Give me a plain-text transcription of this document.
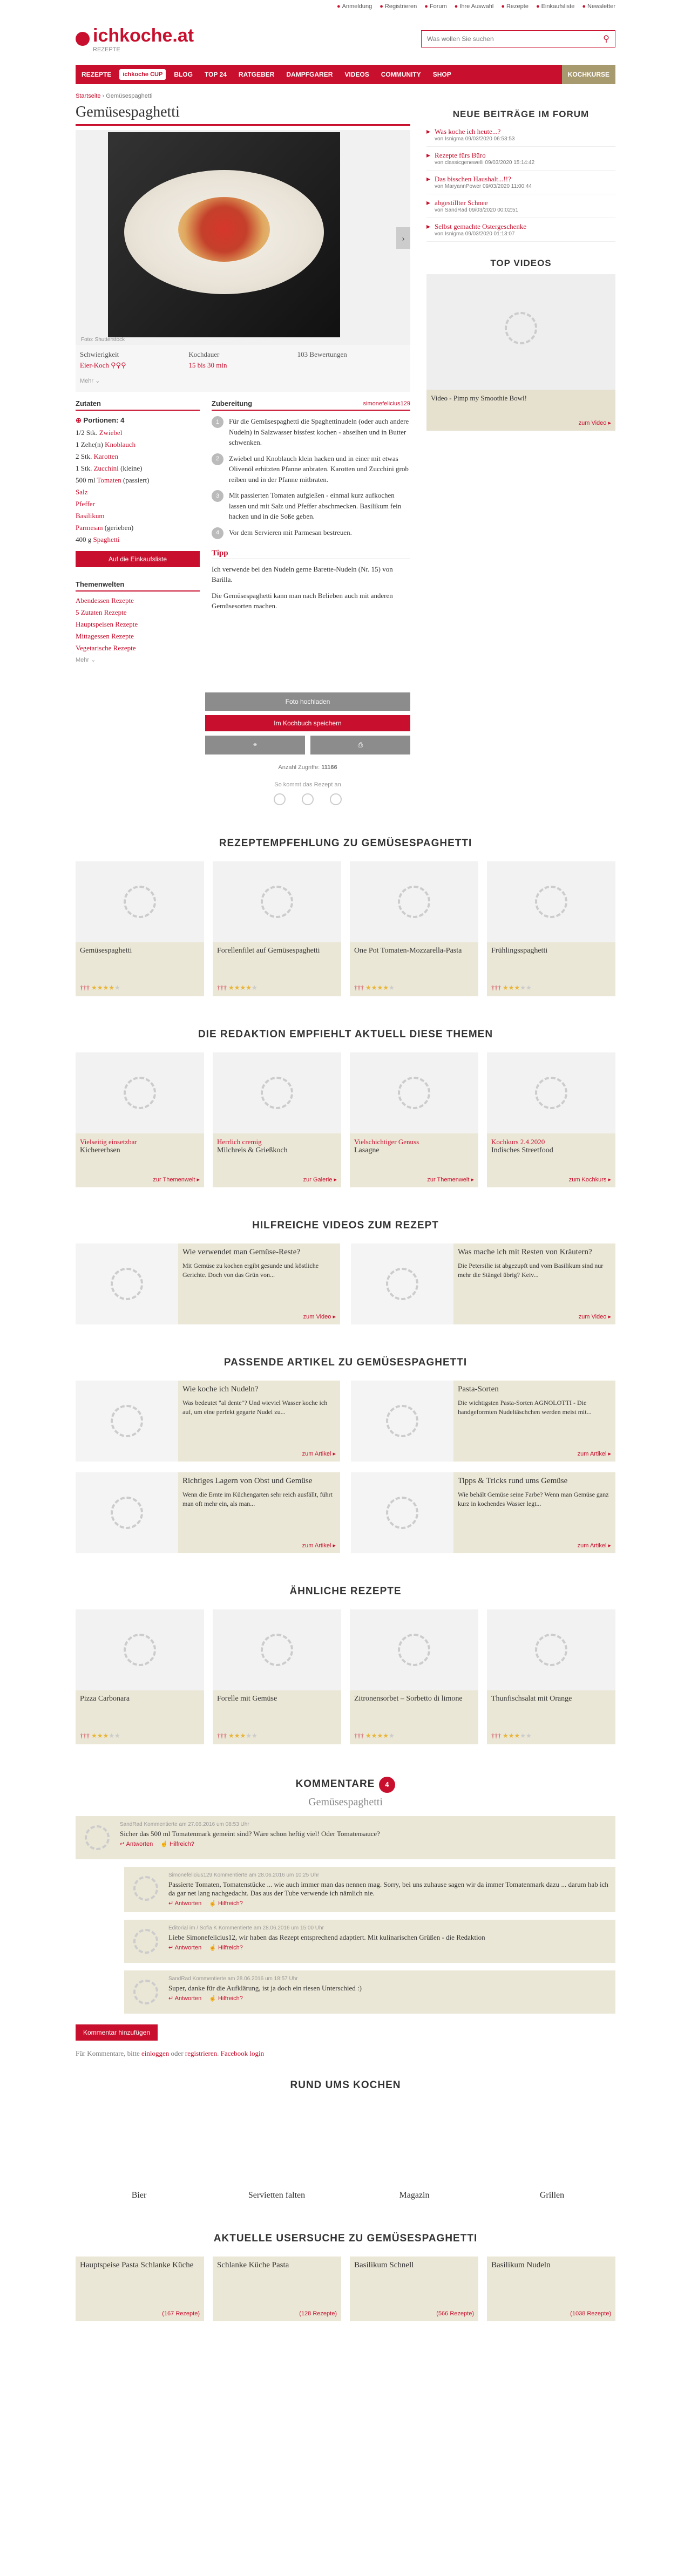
● Anmeldung ● Registrieren ● Forum ● Ihre Auswahl ● Rezepte ● Einkaufsliste ● Newsletter
ichkoche.at
REZEPTE
Was wollen Sie suchen
⚲
REZEPTE	ichkoche CUP	BLOG	TOP 24	RATGEBER	DAMPFGARER	VIDEOS	COMMUNITY	SHOP	KOCHKURSE
Startseite › Gemüsespaghetti
Gemüsespaghetti
›
Foto: Shutterstock
Schwierigkeit
Eier-Koch ⚲⚲⚲
Kochdauer
15 bis 30 min
103 Bewertungen
Mehr ⌄
Zutaten
⊕ Portionen: 4
1/2 Stk. Zwiebel
1 Zehe(n) Knoblauch
2 Stk. Karotten
1 Stk. Zucchini (kleine)
500 ml Tomaten (passiert)
Salz
Pfeffer
Basilikum
Parmesan (gerieben)
400 g Spaghetti
Auf die Einkaufsliste
Themenwelten
Abendessen Rezepte
5 Zutaten Rezepte
Hauptspeisen Rezepte
Mittagessen Rezepte
Vegetarische Rezepte
Mehr ⌄
Zubereitung	simonefelicius129
1	Für die Gemüsespaghetti die Spaghettinudeln (oder auch andere Nudeln) in Salzwasser bissfest kochen - abseihen und in Butter schwenken.
2	Zwiebel und Knoblauch klein hacken und in einer mit etwas Olivenöl erhitzten Pfanne anbraten. Karotten und Zucchini grob reiben und in der Pfanne mitbraten.
3	Mit passierten Tomaten aufgießen - einmal kurz aufkochen lassen und mit Salz und Pfeffer abschmecken. Basilikum fein hacken und in die Soße geben.
4	Vor dem Servieren mit Parmesan bestreuen.
Tipp

Ich verwende bei den Nudeln gerne Barette-Nudeln (Nr. 15) von Barilla.

Die Gemüsespaghetti kann man nach Belieben auch mit anderen Gemüsesorten machen.

Foto hochladen
Im Kochbuch speichern
⚭	⎙
Anzahl Zugriffe: 11166
So kommt das Rezept an
NEUE BEITRÄGE IM FORUM
▸ Was koche ich heute...?
von Isnigma 09/03/2020 06:53:53
▸ Rezepte fürs Büro
von classicgenewelli 09/03/2020 15:14:42
▸ Das bisschen Haushalt...!!?
von MaryannPower 09/03/2020 11:00:44
▸ abgestillter Schnee
von SandRad 09/03/2020 00:02:51
▸ Selbst gemachte Ostergeschenke
von Isnigma 09/03/2020 01:13:07
TOP VIDEOS
Video - Pimp my Smoothie Bowl!
zum Video ▸
REZEPTEMPFEHLUNG ZU GEMÜSESPAGHETTI
Gemüsespaghetti
††† ★★★★★
Forellenfilet auf Gemüsespaghetti
††† ★★★★★
One Pot Tomaten-Mozzarella-Pasta
††† ★★★★★
Frühlingsspaghetti
††† ★★★★★
DIE REDAKTION EMPFIEHLT AKTUELL DIESE THEMEN
Vielseitig einsetzbar
Kichererbsen
zur Themenwelt ▸
Herrlich cremig
Milchreis & Grießkoch
zur Galerie ▸
Vielschichtiger Genuss
Lasagne
zur Themenwelt ▸
Kochkurs 2.4.2020
Indisches Streetfood
zum Kochkurs ▸
HILFREICHE VIDEOS ZUM REZEPT
Wie verwendet man Gemüse-Reste?

Mit Gemüse zu kochen ergibt gesunde und köstliche Gerichte. Doch von das Grün von...

zum Video ▸
Was mache ich mit Resten von Kräutern?

Die Petersilie ist abgezupft und vom Basilikum sind nur mehr die Stängel übrig? Keiv...

zum Video ▸
PASSENDE ARTIKEL ZU GEMÜSESPAGHETTI
Wie koche ich Nudeln?

Was bedeutet "al dente"? Und wieviel Wasser koche ich auf, um eine perfekt gegarte Nudel zu...

zum Artikel ▸
Pasta-Sorten

Die wichtigsten Pasta-Sorten AGNOLOTTI - Die handgeformten Nudeltäschchen werden meist mit...

zum Artikel ▸
Richtiges Lagern von Obst und Gemüse

Wenn die Ernte im Küchengarten sehr reich ausfällt, führt man oft mehr ein, als man...

zum Artikel ▸
Tipps & Tricks rund ums Gemüse

Wie behält Gemüse seine Farbe? Wenn man Gemüse ganz kurz in kochendes Wasser legt...

zum Artikel ▸
ÄHNLICHE REZEPTE
Pizza Carbonara
††† ★★★★★
Forelle mit Gemüse
††† ★★★★★
Zitronensorbet – Sorbetto di limone
††† ★★★★★
Thunfischsalat mit Orange
††† ★★★★★
KOMMENTARE 4
Gemüsespaghetti
SandRad Kommentierte am 27.06.2016 um 08:53 Uhr
Sicher das 500 ml Tomatenmark gemeint sind? Wäre schon heftig viel! Oder Tomatensauce?
↵ Antworten ☝ Hilfreich?
Simonefelicius129 Kommentierte am 28.06.2016 um 10:25 Uhr
Passierte Tomaten, Tomatenstücke ... wie auch immer man das nennen mag. Sorry, bei uns zuhause sagen wir da immer Tomatenmark dazu ... darum hab ich da gar net lang nachgedacht. Das aus der Tube verwende ich nämlich nie.
↵ Antworten ☝ Hilfreich?
Editorial im / Sofia K Kommentierte am 28.06.2016 um 15:00 Uhr
Liebe Simonefelicius12, wir haben das Rezept entsprechend adaptiert. Mit kulinarischen Grüßen - die Redaktion
↵ Antworten ☝ Hilfreich?
SandRad Kommentierte am 28.06.2016 um 18:57 Uhr
Super, danke für die Aufklärung, ist ja doch ein riesen Unterschied :)
↵ Antworten ☝ Hilfreich?
Kommentar hinzufügen
Für Kommentare, bitte einloggen oder registrieren. Facebook login
RUND UMS KOCHEN
Bier	Servietten falten	Magazin	Grillen
AKTUELLE USERSUCHE ZU GEMÜSESPAGHETTI
Hauptspeise Pasta Schlanke Küche
(167 Rezepte)
Schlanke Küche Pasta
(128 Rezepte)
Basilikum Schnell
(566 Rezepte)
Basilikum Nudeln
(1038 Rezepte)
